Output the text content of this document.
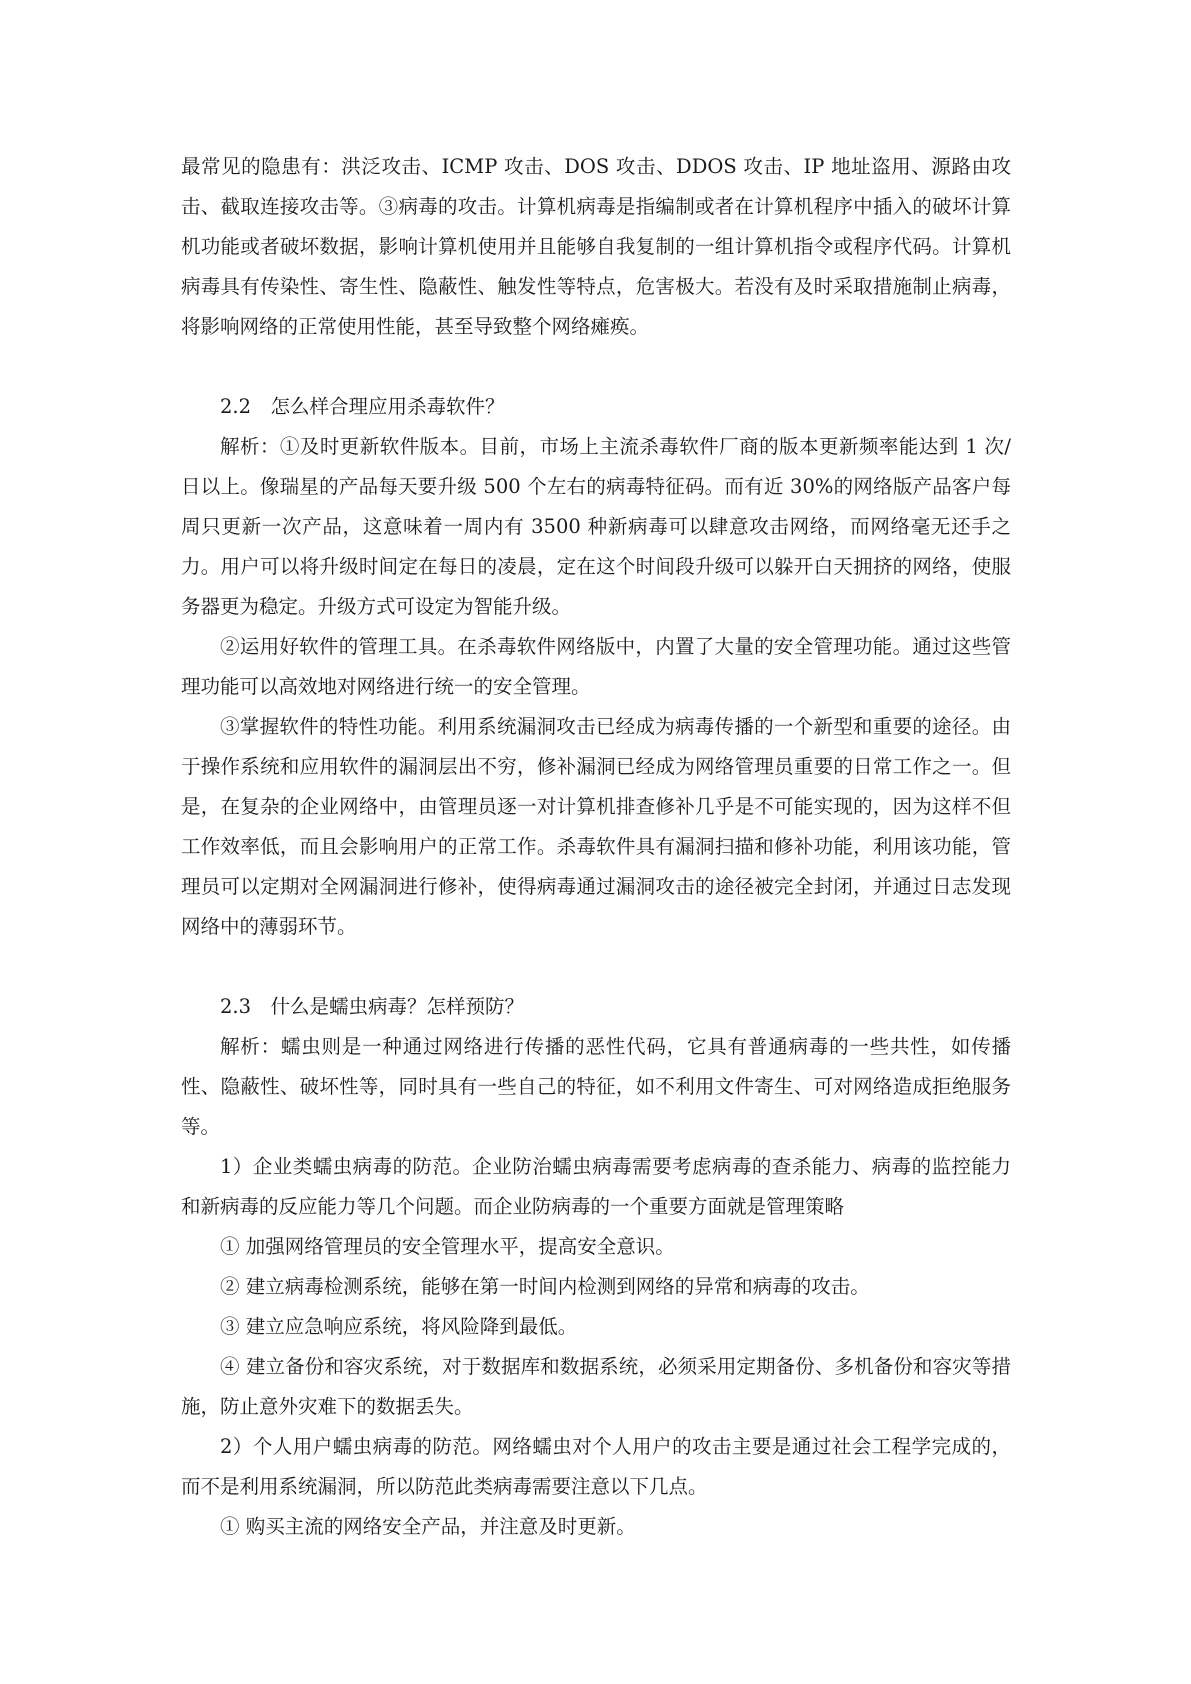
最常见的隐患有：洪泛攻击、ICMP 攻击、DOS 攻击、DDOS 攻击、IP 地址盗用、源路由攻击、截取连接攻击等。③病毒的攻击。计算机病毒是指编制或者在计算机程序中插入的破坏计算机功能或者破坏数据，影响计算机使用并且能够自我复制的一组计算机指令或程序代码。计算机病毒具有传染性、寄生性、隐蔽性、触发性等特点，危害极大。若没有及时采取措施制止病毒，将影响网络的正常使用性能，甚至导致整个网络瘫痪。

2.2　怎么样合理应用杀毒软件？

解析：①及时更新软件版本。目前，市场上主流杀毒软件厂商的版本更新频率能达到 1 次/日以上。像瑞星的产品每天要升级 500 个左右的病毒特征码。而有近 30%的网络版产品客户每周只更新一次产品，这意味着一周内有 3500 种新病毒可以肆意攻击网络，而网络毫无还手之力。用户可以将升级时间定在每日的凌晨，定在这个时间段升级可以躲开白天拥挤的网络，使服务器更为稳定。升级方式可设定为智能升级。

②运用好软件的管理工具。在杀毒软件网络版中，内置了大量的安全管理功能。通过这些管理功能可以高效地对网络进行统一的安全管理。

③掌握软件的特性功能。利用系统漏洞攻击已经成为病毒传播的一个新型和重要的途径。由于操作系统和应用软件的漏洞层出不穷，修补漏洞已经成为网络管理员重要的日常工作之一。但是，在复杂的企业网络中，由管理员逐一对计算机排查修补几乎是不可能实现的，因为这样不但工作效率低，而且会影响用户的正常工作。杀毒软件具有漏洞扫描和修补功能，利用该功能，管理员可以定期对全网漏洞进行修补，使得病毒通过漏洞攻击的途径被完全封闭，并通过日志发现网络中的薄弱环节。

2.3　什么是蠕虫病毒？怎样预防？

解析：蠕虫则是一种通过网络进行传播的恶性代码，它具有普通病毒的一些共性，如传播性、隐蔽性、破坏性等，同时具有一些自己的特征，如不利用文件寄生、可对网络造成拒绝服务等。

1）企业类蠕虫病毒的防范。企业防治蠕虫病毒需要考虑病毒的查杀能力、病毒的监控能力和新病毒的反应能力等几个问题。而企业防病毒的一个重要方面就是管理策略

① 加强网络管理员的安全管理水平，提高安全意识。

② 建立病毒检测系统，能够在第一时间内检测到网络的异常和病毒的攻击。

③ 建立应急响应系统，将风险降到最低。

④ 建立备份和容灾系统，对于数据库和数据系统，必须采用定期备份、多机备份和容灾等措施，防止意外灾难下的数据丢失。

2）个人用户蠕虫病毒的防范。网络蠕虫对个人用户的攻击主要是通过社会工程学完成的，而不是利用系统漏洞，所以防范此类病毒需要注意以下几点。

① 购买主流的网络安全产品，并注意及时更新。
